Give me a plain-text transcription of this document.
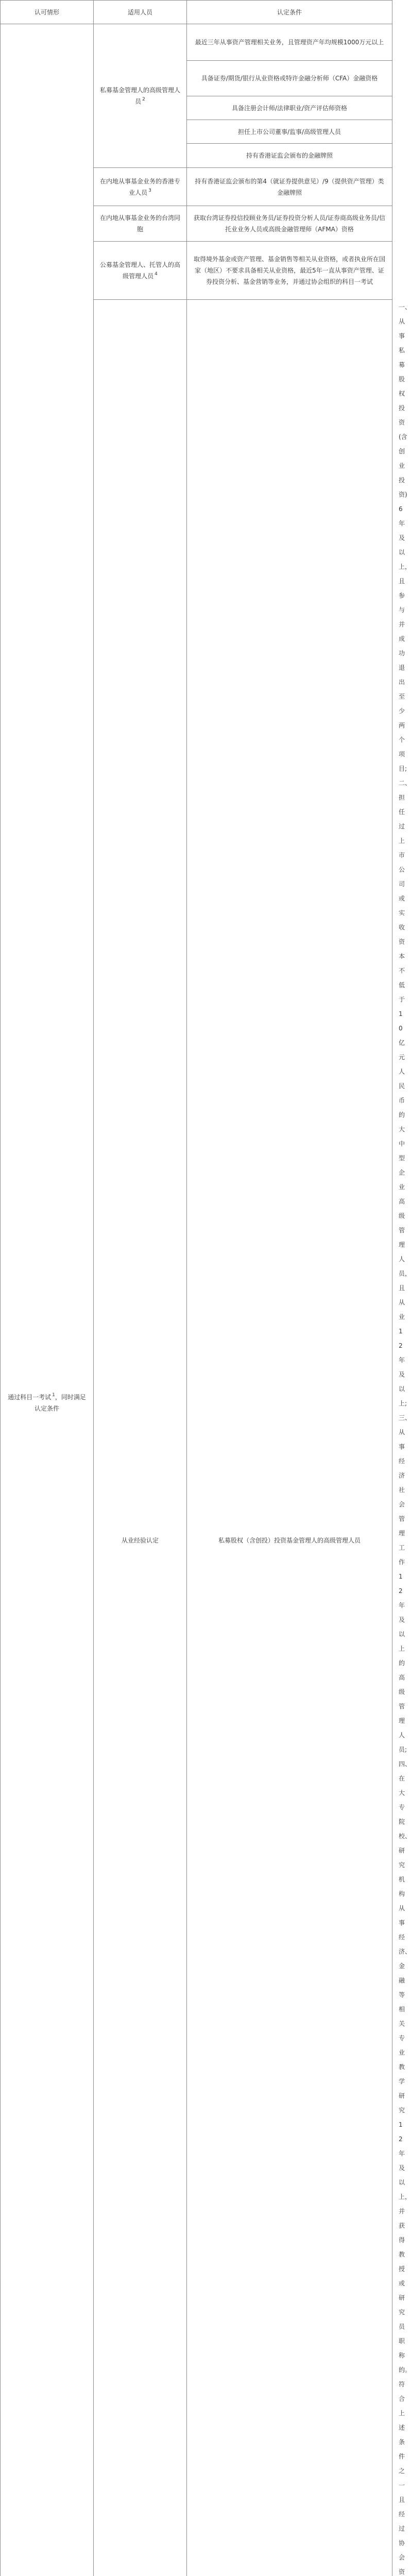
认可情形	适用人员	认定条件	
通过科目一考试 $^1$，同时满足认定条件	私募基金管理人的高级管理人员 $^2$	最近三年从事资产管理相关业务，且管理资产年均规模1000万元以上	
		具备证券/期货/银行从业资格或特许金融分析师（CFA）金融资格	
		具备注册会计师/法律职业/资产评估师资格	
		担任上市公司董事/监事/高级管理人员	
		持有香港证监会颁布的金融牌照	
	在内地从事基金业务的香港专业人员 $^3$	持有香港证监会颁布的第4（就证券提供意见）/9（提供资产管理）类金融牌照	
	在内地从事基金业务的台湾同胞	获取台湾证券投信投顾业务员/证券投资分析人员/证券商高级业务员/信托业业务人员或高级金融管理师（AFMA）资格	
	公募基金管理人、托管人的高级管理人员 $^4$	取得境外基金或资产管理、基金销售等相关从业资格，或者执业所在国家（地区）不要求具备相关从业资格，最近5年一直从事资产管理、证券投资分析、基金营销等业务，并通过协会组织的科目一考试	
	从业经验认定	私募股权（含创投）投资基金管理人的高级管理人员	一、从事私募股权投资(含创业投资)6年及以上，且参与并成功退出至少两个项目;

二、担任过上市公司或实收资本不低于10亿元人民币的大中型企业高级管理人员，且从业12年及以上;

三、从事经济社会管理工作12年及以上的高级管理人员;

四、在大专院校、研究机构从事经济、金融等相关专业教学研究12年及以上，并获得教授或研究员职称的。

符合上述条件之一且经过协会资
